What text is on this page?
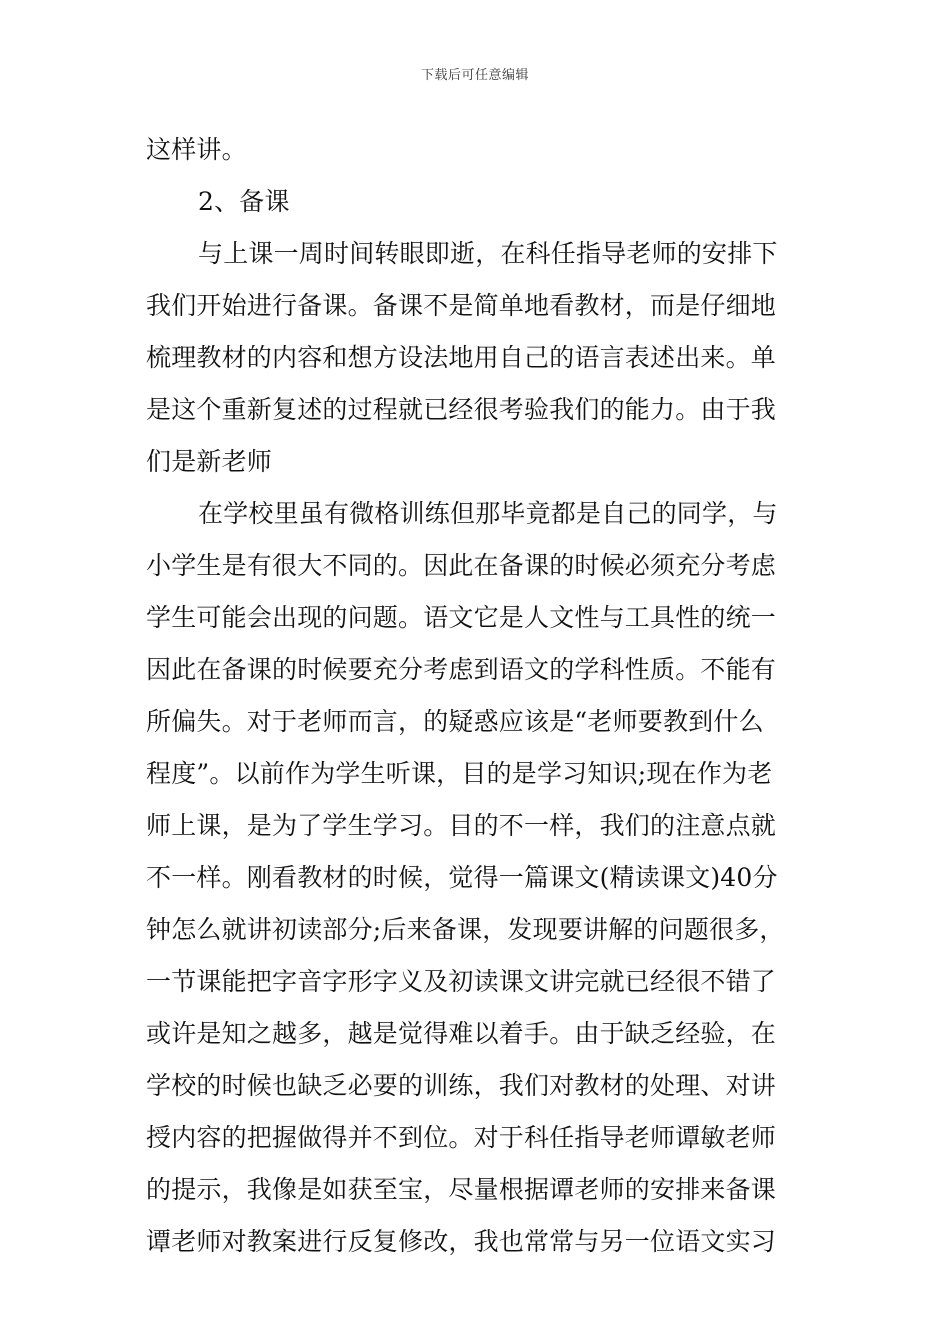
下载后可任意编辑
这样讲。
2、备课
与上课一周时间转眼即逝，在科任指导老师的安排下
我们开始进行备课。备课不是简单地看教材，而是仔细地
梳理教材的内容和想方设法地用自己的语言表述出来。单
是这个重新复述的过程就已经很考验我们的能力。由于我
们是新老师
在学校里虽有微格训练但那毕竟都是自己的同学，与
小学生是有很大不同的。因此在备课的时候必须充分考虑
学生可能会出现的问题。语文它是人文性与工具性的统一
因此在备课的时候要充分考虑到语文的学科性质。不能有
所偏失。对于老师而言，的疑惑应该是“老师要教到什么
程度”。以前作为学生听课，目的是学习知识;现在作为老
师上课，是为了学生学习。目的不一样，我们的注意点就
不一样。刚看教材的时候，觉得一篇课文(精读课文)40分
钟怎么就讲初读部分;后来备课，发现要讲解的问题很多，
一节课能把字音字形字义及初读课文讲完就已经很不错了
或许是知之越多，越是觉得难以着手。由于缺乏经验，在
学校的时候也缺乏必要的训练，我们对教材的处理、对讲
授内容的把握做得并不到位。对于科任指导老师谭敏老师
的提示，我像是如获至宝，尽量根据谭老师的安排来备课
谭老师对教案进行反复修改，我也常常与另一位语文实习
